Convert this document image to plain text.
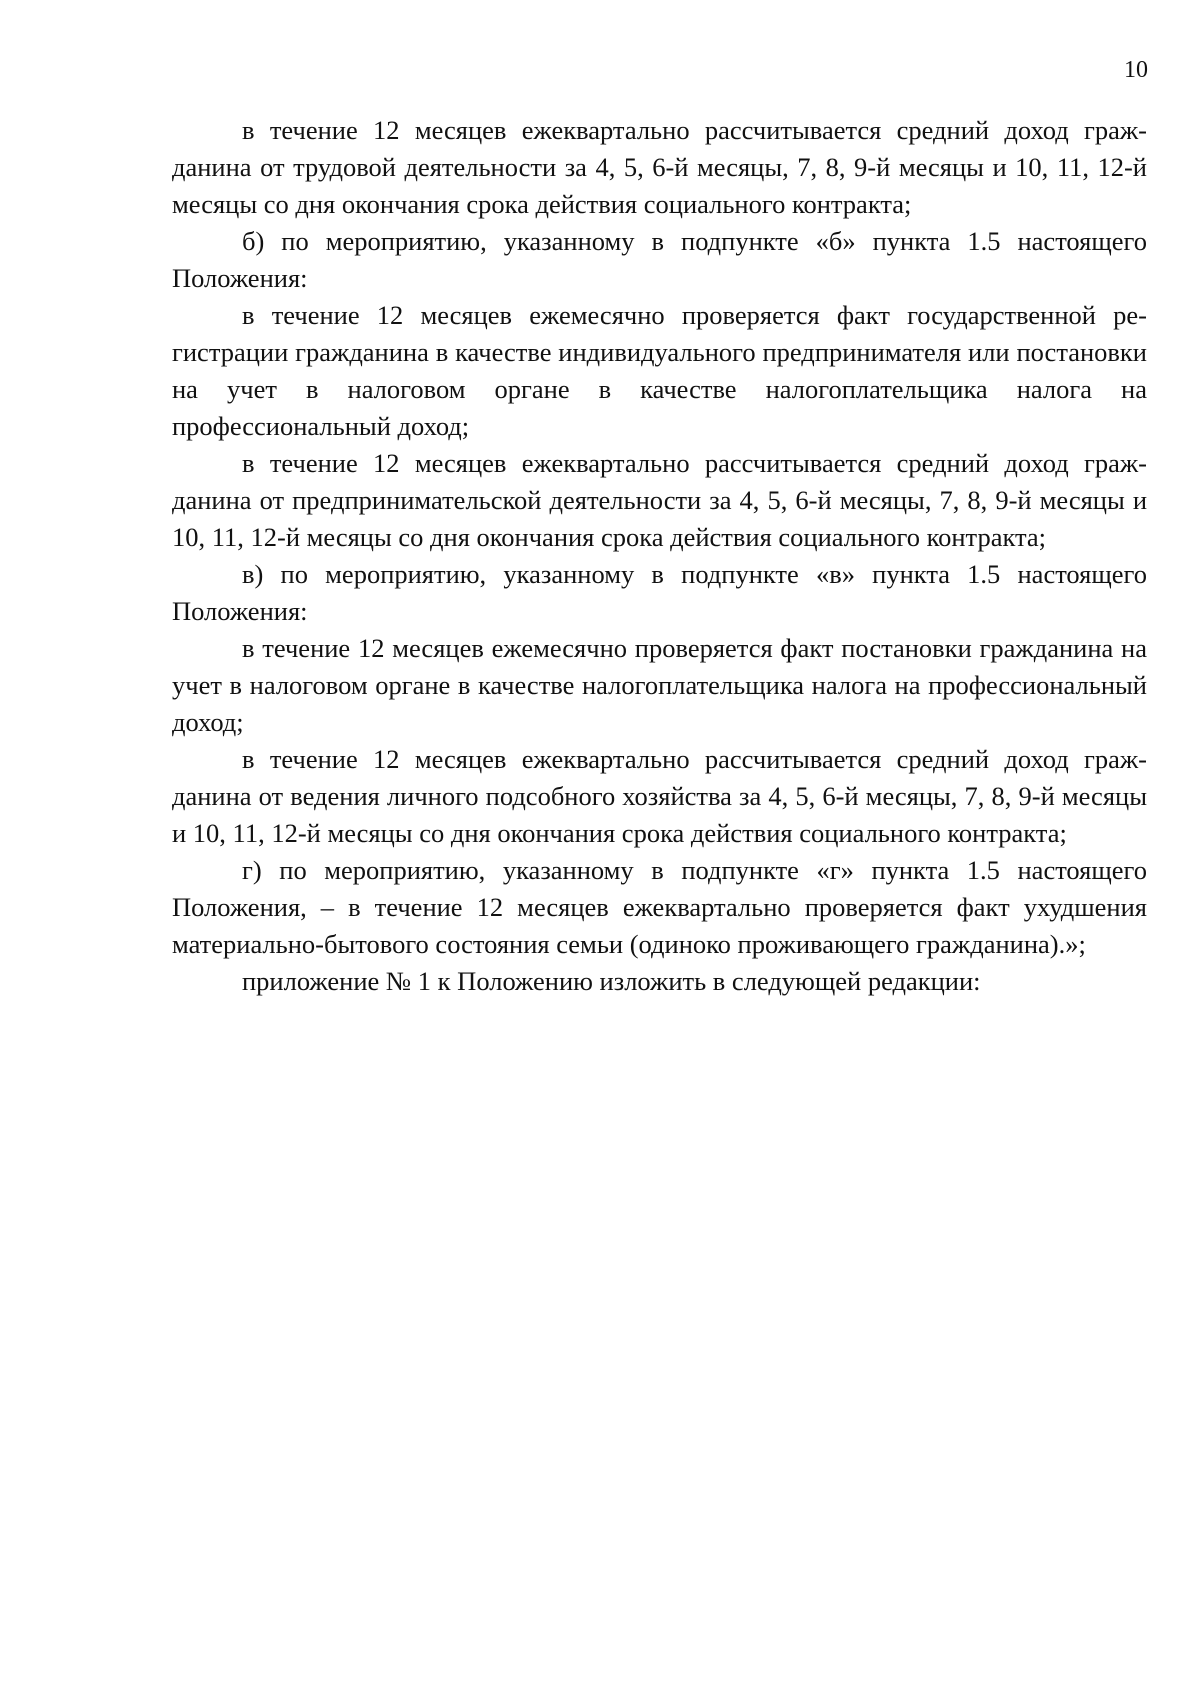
10

в течение 12 месяцев ежеквартально рассчитывается средний доход гражданина от трудовой деятельности за 4, 5, 6-й месяцы, 7, 8, 9-й месяцы и 10, 11, 12-й месяцы со дня окончания срока действия социального контракта;

б) по мероприятию, указанному в подпункте «б» пункта 1.5 настоящего Положения:

в течение 12 месяцев ежемесячно проверяется факт государственной регистрации гражданина в качестве индивидуального предпринимателя или постановки на учет в налоговом органе в качестве налогоплательщика налога на профессиональный доход;

в течение 12 месяцев ежеквартально рассчитывается средний доход гражданина от предпринимательской деятельности за 4, 5, 6-й месяцы, 7, 8, 9-й месяцы и 10, 11, 12-й месяцы со дня окончания срока действия социального контракта;

в) по мероприятию, указанному в подпункте «в» пункта 1.5 настоящего Положения:

в течение 12 месяцев ежемесячно проверяется факт постановки гражданина на учет в налоговом органе в качестве налогоплательщика налога на профессиональный доход;

в течение 12 месяцев ежеквартально рассчитывается средний доход гражданина от ведения личного подсобного хозяйства за 4, 5, 6-й месяцы, 7, 8, 9-й месяцы и 10, 11, 12-й месяцы со дня окончания срока действия социального контракта;

г) по мероприятию, указанному в подпункте «г» пункта 1.5 настоящего Положения, – в течение 12 месяцев ежеквартально проверяется факт ухудшения материально-бытового состояния семьи (одиноко проживающего гражданина).»;

приложение № 1 к Положению изложить в следующей редакции:
